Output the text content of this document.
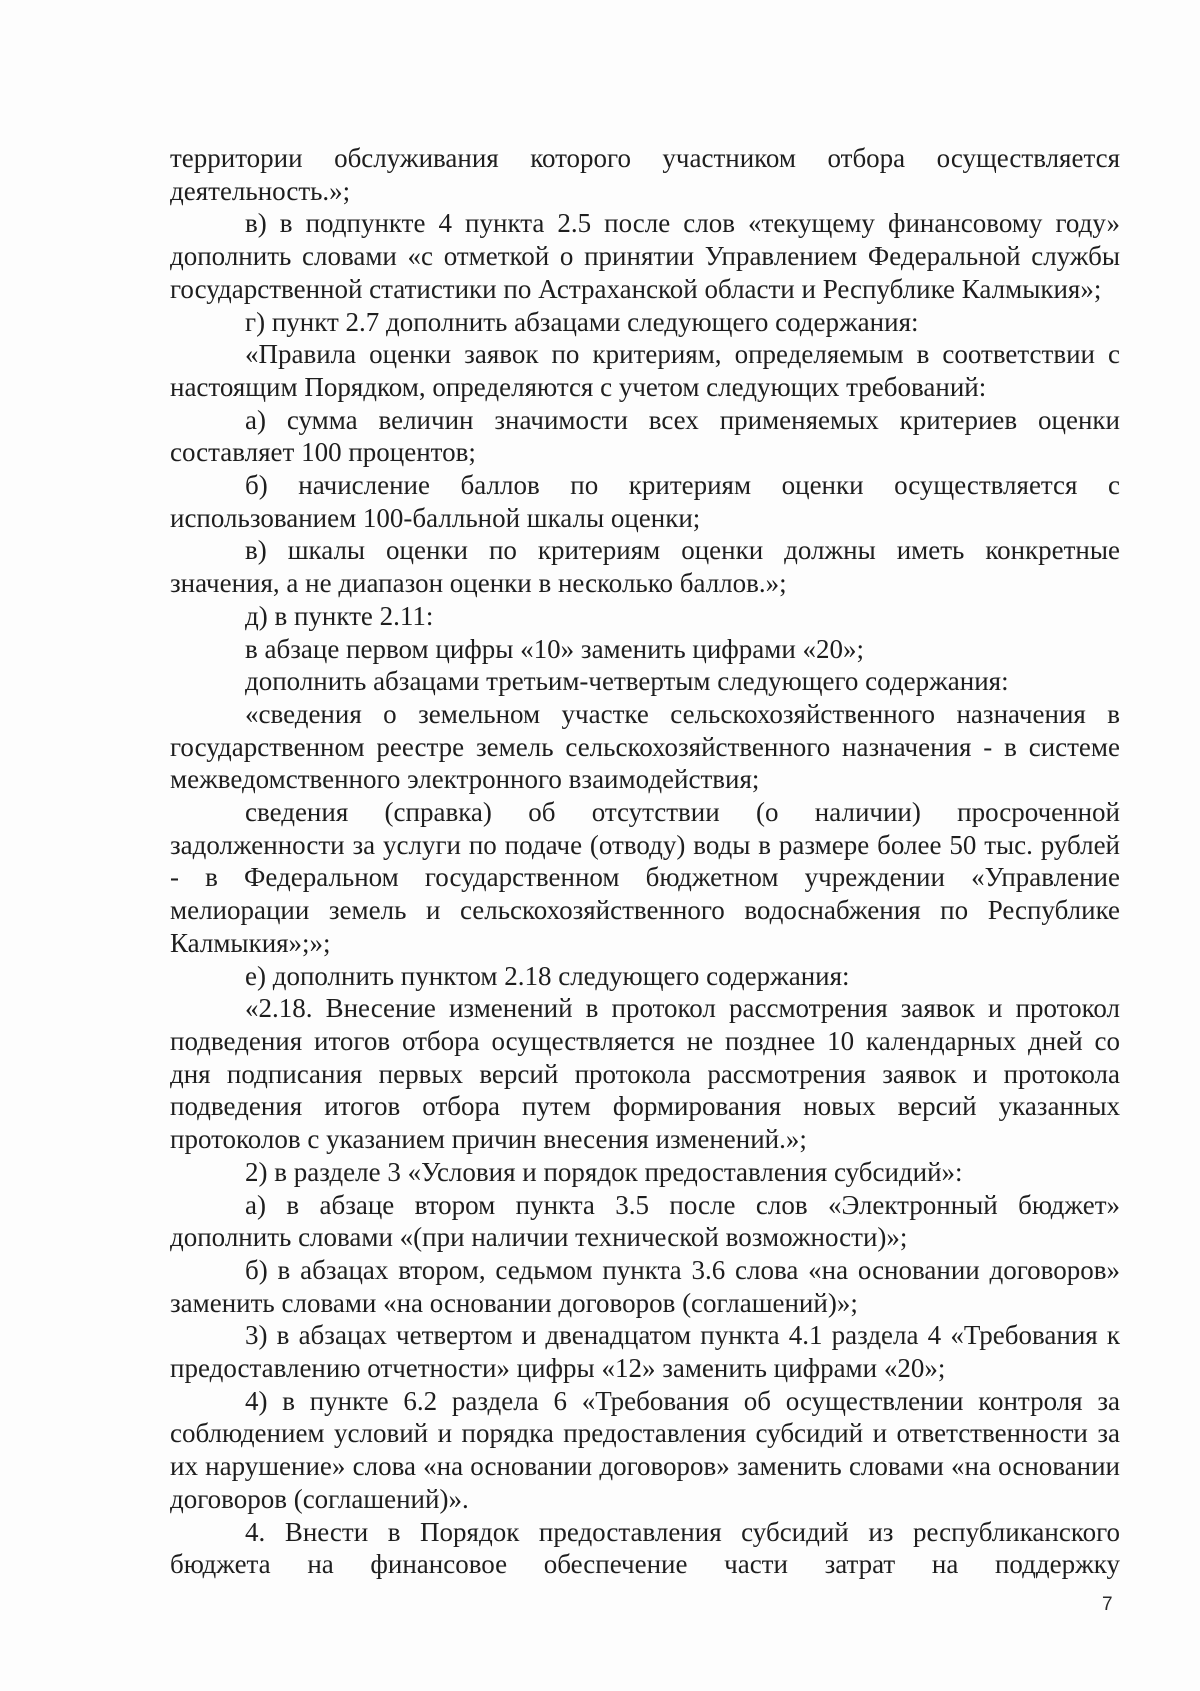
территории обслуживания которого участником отбора осуществляется деятельность.»;

в) в подпункте 4 пункта 2.5 после слов «текущему финансовому году» дополнить словами «с отметкой о принятии Управлением Федеральной службы государственной статистики по Астраханской области и Республике Калмыкия»;

г) пункт 2.7 дополнить абзацами следующего содержания:

«Правила оценки заявок по критериям, определяемым в соответствии с настоящим Порядком, определяются с учетом следующих требований:

а) сумма величин значимости всех применяемых критериев оценки составляет 100 процентов;

б) начисление баллов по критериям оценки осуществляется с использованием 100-балльной шкалы оценки;

в) шкалы оценки по критериям оценки должны иметь конкретные значения, а не диапазон оценки в несколько баллов.»;

д) в пункте 2.11:

в абзаце первом цифры «10» заменить цифрами «20»;

дополнить абзацами третьим-четвертым следующего содержания:

«сведения о земельном участке сельскохозяйственного назначения в государственном реестре земель сельскохозяйственного назначения - в системе межведомственного электронного взаимодействия;

сведения (справка) об отсутствии (о наличии) просроченной задолженности за услуги по подаче (отводу) воды в размере более 50 тыс. рублей - в Федеральном государственном бюджетном учреждении «Управление мелиорации земель и сельскохозяйственного водоснабжения по Республике Калмыкия»;»;

е) дополнить пунктом 2.18 следующего содержания:

«2.18. Внесение изменений в протокол рассмотрения заявок и протокол подведения итогов отбора осуществляется не позднее 10 календарных дней со дня подписания первых версий протокола рассмотрения заявок и протокола подведения итогов отбора путем формирования новых версий указанных протоколов с указанием причин внесения изменений.»;

2) в разделе 3 «Условия и порядок предоставления субсидий»:

а) в абзаце втором пункта 3.5 после слов «Электронный бюджет» дополнить словами «(при наличии технической возможности)»;

б) в абзацах втором, седьмом пункта 3.6 слова «на основании договоров» заменить словами «на основании договоров (соглашений)»;

3) в абзацах четвертом и двенадцатом пункта 4.1 раздела 4 «Требования к предоставлению отчетности» цифры «12» заменить цифрами «20»;

4) в пункте 6.2 раздела 6 «Требования об осуществлении контроля за соблюдением условий и порядка предоставления субсидий и ответственности за их нарушение» слова «на основании договоров» заменить словами «на основании договоров (соглашений)».

4. Внести в Порядок предоставления субсидий из республиканского бюджета на финансовое обеспечение части затрат на поддержку

7
